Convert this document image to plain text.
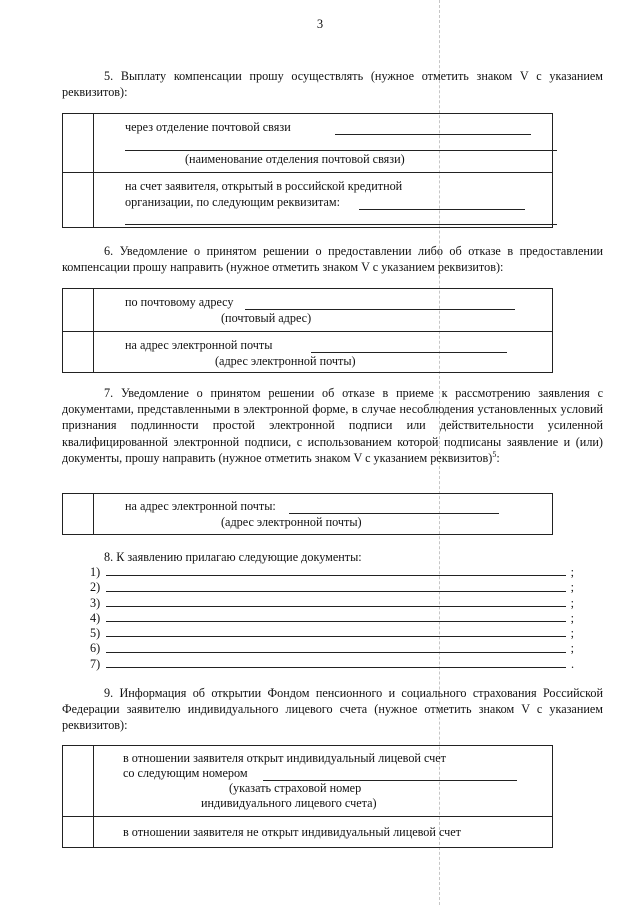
3
5. Выплату компенсации прошу осуществлять (нужное отметить знаком V с указанием реквизитов):
через отделение почтовой связи
(наименование отделения почтовой связи)
на счет заявителя, открытый в российской кредитной
организации, по следующим реквизитам:
6. Уведомление о принятом решении о предоставлении либо об отказе в предоставлении компенсации прошу направить (нужное отметить знаком V с указанием реквизитов):
по почтовому адресу
(почтовый адрес)
на адрес электронной почты
(адрес электронной почты)
7. Уведомление о принятом решении об отказе в приеме к рассмотрению заявления с документами, представленными в электронной форме, в случае несоблюдения установленных условий признания подлинности простой электронной подписи или действительности усиленной квалифицированной электронной подписи, с использованием которой подписаны заявление и (или) документы, прошу направить (нужное отметить знаком V с указанием реквизитов)$^5$:
на адрес электронной почты:
(адрес электронной почты)
8. К заявлению прилагаю следующие документы:
1)	;
2)	;
3)	;
4)	;
5)	;
6)	;
7)	.
9. Информация об открытии Фондом пенсионного и социального страхования Российской Федерации заявителю индивидуального лицевого счета (нужное отметить знаком V с указанием реквизитов):
в отношении заявителя открыт индивидуальный лицевой счет
со следующим номером
(указать страховой номер
индивидуального лицевого счета)
в отношении заявителя не открыт индивидуальный лицевой счет
